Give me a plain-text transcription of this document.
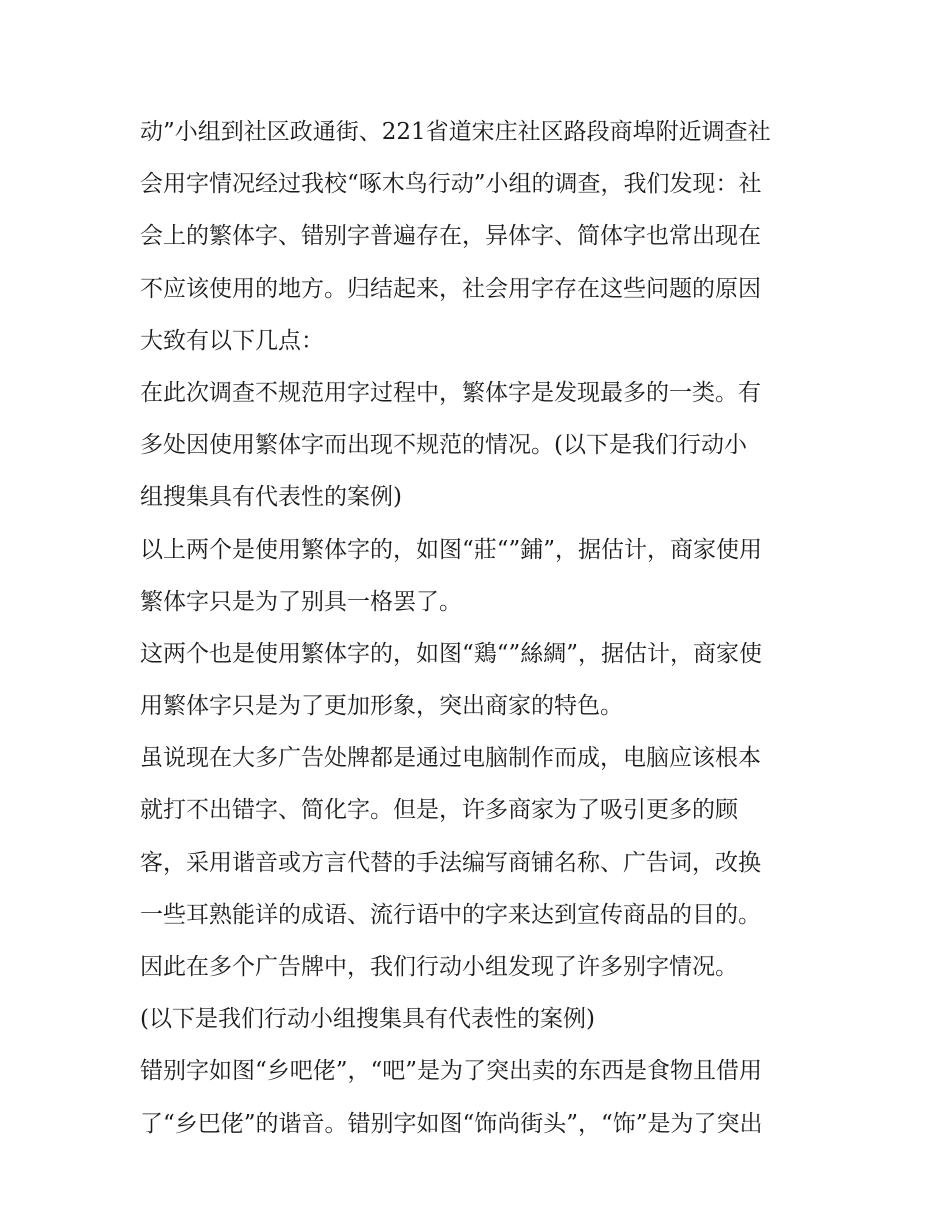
动”小组到社区政通街、221省道宋庄社区路段商埠附近调查社
会用字情况经过我校“啄木鸟行动”小组的调查，我们发现：社
会上的繁体字、错别字普遍存在，异体字、简体字也常出现在
不应该使用的地方。归结起来，社会用字存在这些问题的原因
大致有以下几点：
在此次调查不规范用字过程中，繁体字是发现最多的一类。有
多处因使用繁体字而出现不规范的情况。(以下是我们行动小
组搜集具有代表性的案例)
以上两个是使用繁体字的，如图“莊“”鋪”，据估计，商家使用
繁体字只是为了别具一格罢了。
这两个也是使用繁体字的，如图“鶏“”絲綢”，据估计，商家使
用繁体字只是为了更加形象，突出商家的特色。
虽说现在大多广告处牌都是通过电脑制作而成，电脑应该根本
就打不出错字、简化字。但是，许多商家为了吸引更多的顾
客，采用谐音或方言代替的手法编写商铺名称、广告词，改换
一些耳熟能详的成语、流行语中的字来达到宣传商品的目的。
因此在多个广告牌中，我们行动小组发现了许多别字情况。
(以下是我们行动小组搜集具有代表性的案例)
错别字如图“乡吧佬”，“吧”是为了突出卖的东西是食物且借用
了“乡巴佬”的谐音。错别字如图“饰尚街头”，“饰”是为了突出
